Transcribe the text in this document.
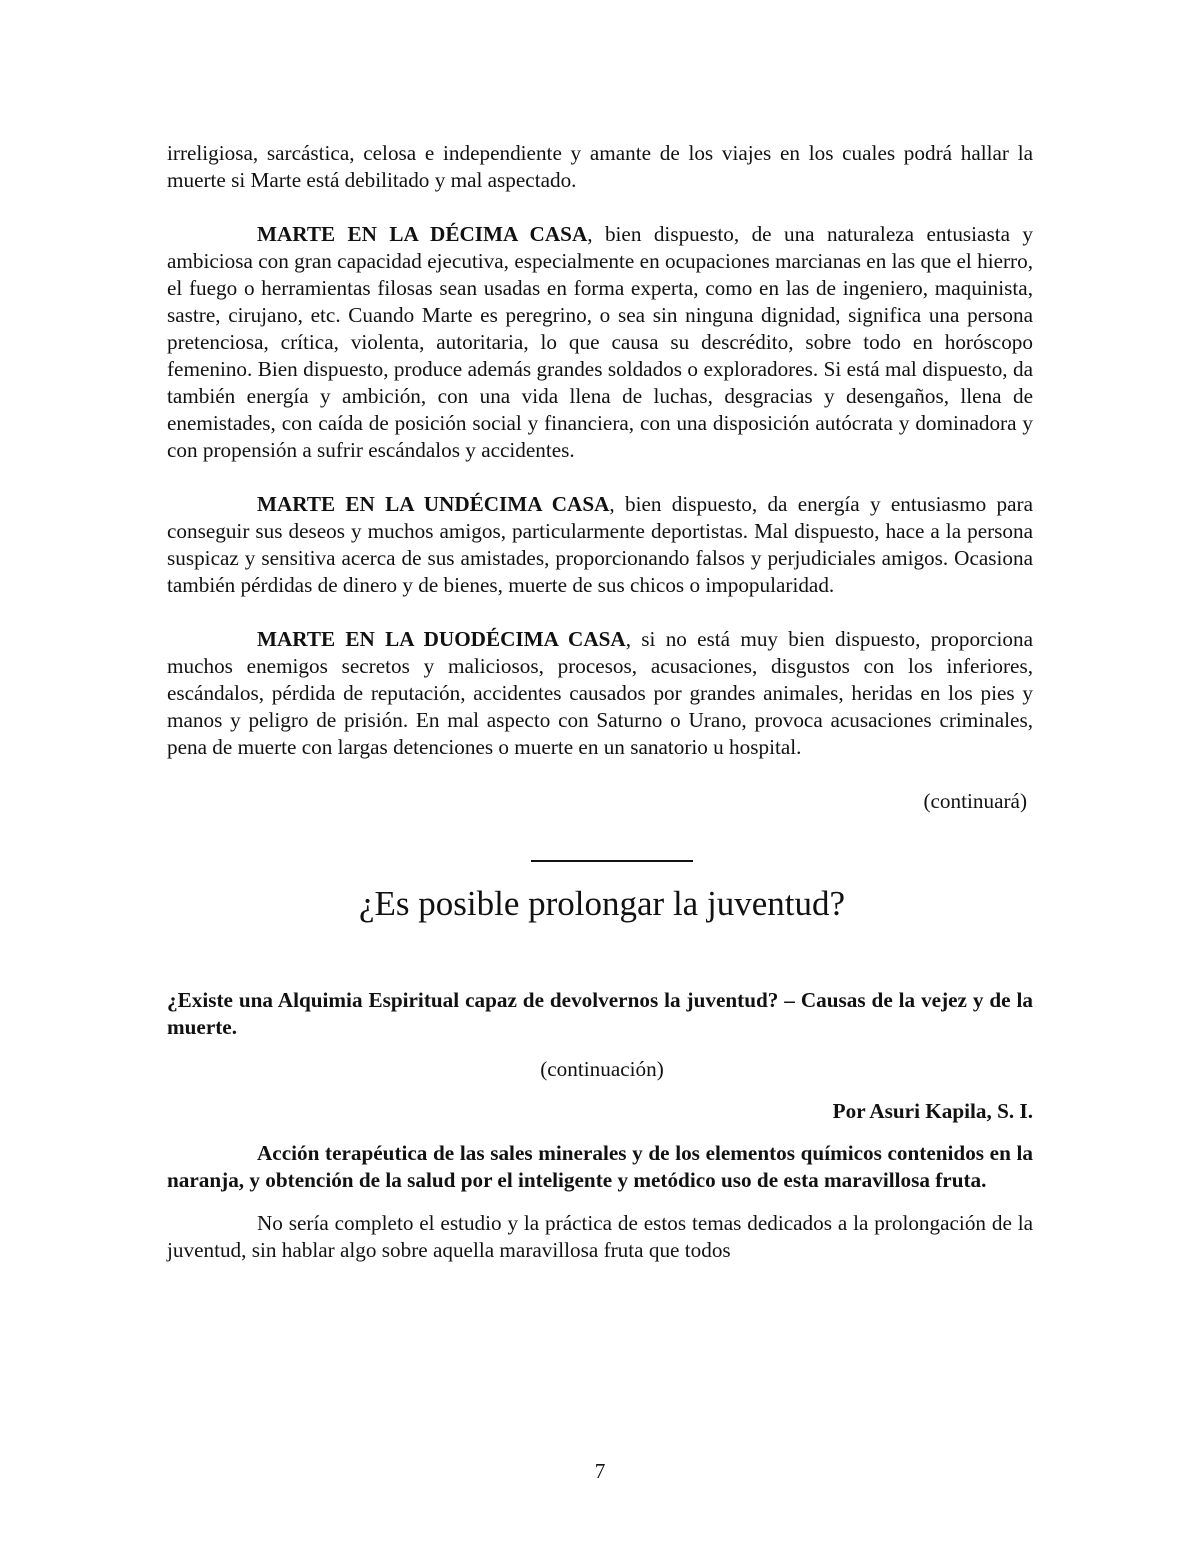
irreligiosa, sarcástica, celosa e independiente y amante de los viajes en los cuales podrá hallar la muerte si Marte está debilitado y mal aspectado.

MARTE EN LA DÉCIMA CASA, bien dispuesto, de una naturaleza entusiasta y ambiciosa con gran capacidad ejecutiva, especialmente en ocupaciones marcianas en las que el hierro, el fuego o herramientas filosas sean usadas en forma experta, como en las de ingeniero, maquinista, sastre, cirujano, etc. Cuando Marte es peregrino, o sea sin ninguna dignidad, significa una persona pretenciosa, crítica, violenta, autoritaria, lo que causa su descrédito, sobre todo en horóscopo femenino. Bien dispuesto, produce además grandes soldados o exploradores. Si está mal dispuesto, da también energía y ambición, con una vida llena de luchas, desgracias y desengaños, llena de enemistades, con caída de posición social y financiera, con una disposición autócrata y dominadora y con propensión a sufrir escándalos y accidentes.

MARTE EN LA UNDÉCIMA CASA, bien dispuesto, da energía y entusiasmo para conseguir sus deseos y muchos amigos, particularmente deportistas. Mal dispuesto, hace a la persona suspicaz y sensitiva acerca de sus amistades, proporcionando falsos y perjudiciales amigos. Ocasiona también pérdidas de dinero y de bienes, muerte de sus chicos o impopularidad.

MARTE EN LA DUODÉCIMA CASA, si no está muy bien dispuesto, proporciona muchos enemigos secretos y maliciosos, procesos, acusaciones, disgustos con los inferiores, escándalos, pérdida de reputación, accidentes causados por grandes animales, heridas en los pies y manos y peligro de prisión. En mal aspecto con Saturno o Urano, provoca acusaciones criminales, pena de muerte con largas detenciones o muerte en un sanatorio u hospital.

(continuará)

¿Es posible prolongar la juventud?

¿Existe una Alquimia Espiritual capaz de devolvernos la juventud? – Causas de la vejez y de la muerte.

(continuación)

Por Asuri Kapila, S. I.

Acción terapéutica de las sales minerales y de los elementos químicos contenidos en la naranja, y obtención de la salud por el inteligente y metódico uso de esta maravillosa fruta.

No sería completo el estudio y la práctica de estos temas dedicados a la prolongación de la juventud, sin hablar algo sobre aquella maravillosa fruta que todos

7
